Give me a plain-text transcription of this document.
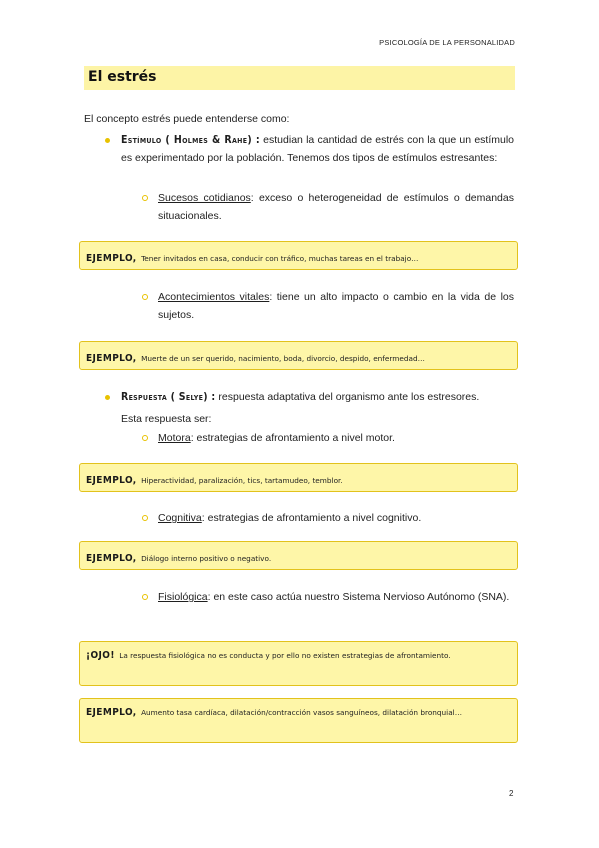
PSICOLOGÍA DE LA PERSONALIDAD
El estrés
El concepto estrés puede entenderse como:
Estímulo ( Holmes & Rahe) : estudian la cantidad de estrés con la que un estímulo es experimentado por la población. Tenemos dos tipos de estímulos estresantes:
Sucesos cotidianos: exceso o heterogeneidad de estímulos o demandas situacionales.
EJEMPLO, Tener invitados en casa, conducir con tráfico, muchas tareas en el trabajo…
Acontecimientos vitales: tiene un alto impacto o cambio en la vida de los sujetos.
EJEMPLO, Muerte de un ser querido, nacimiento, boda, divorcio, despido, enfermedad…
Respuesta ( Selye) : respuesta adaptativa del organismo ante los estresores.
Esta respuesta ser:
Motora: estrategias de afrontamiento a nivel motor.
EJEMPLO, Hiperactividad, paralización, tics, tartamudeo, temblor.
Cognitiva: estrategias de afrontamiento a nivel cognitivo.
EJEMPLO, Diálogo interno positivo o negativo.
Fisiológica: en este caso actúa nuestro Sistema Nervioso Autónomo (SNA).
¡OJO! La respuesta fisiológica no es conducta y por ello no existen estrategias de afrontamiento.
EJEMPLO, Aumento tasa cardíaca, dilatación/contracción vasos sanguíneos, dilatación bronquial…
2
